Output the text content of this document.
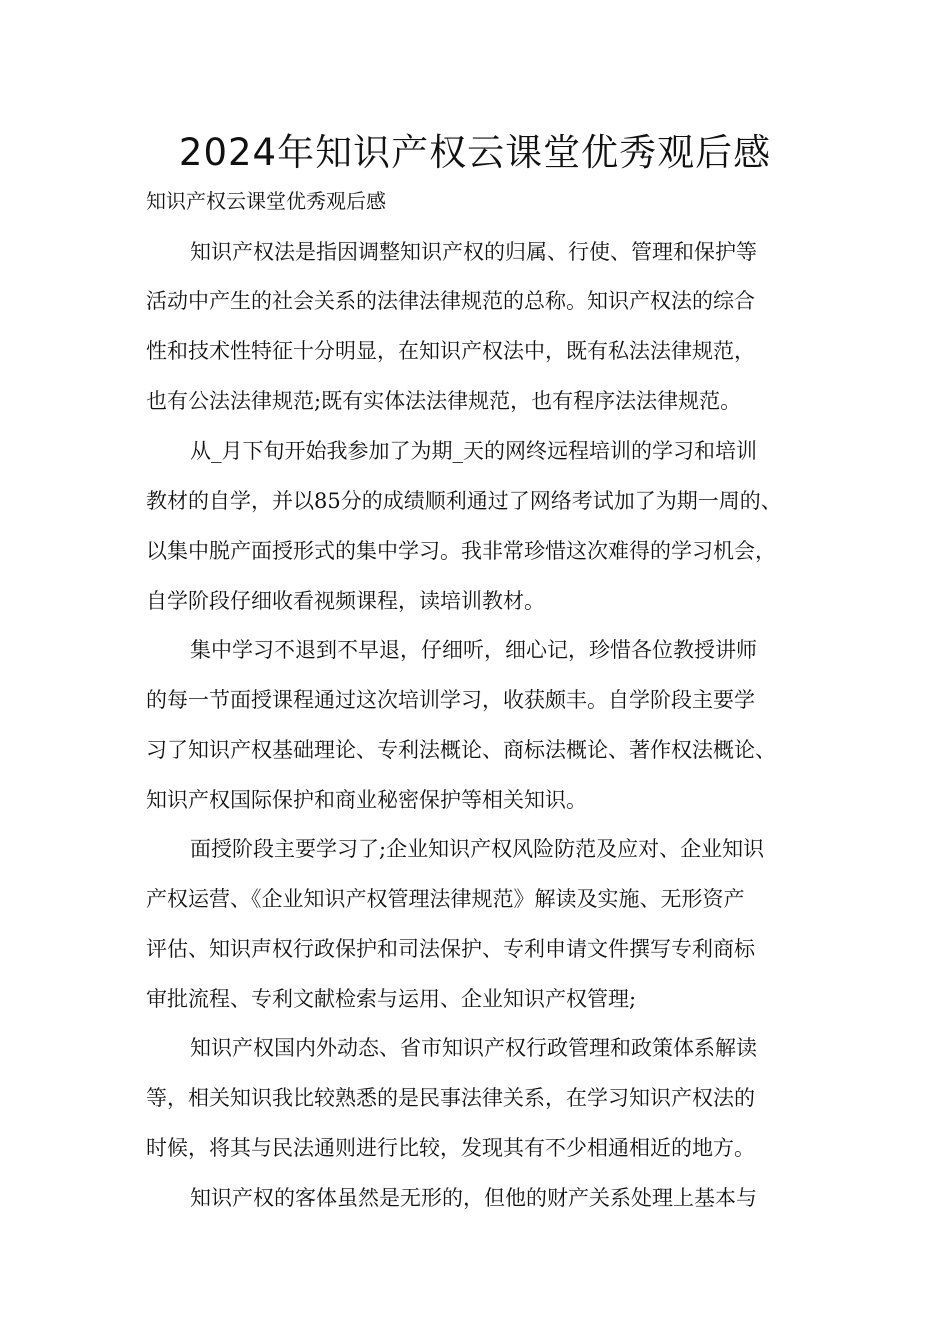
2024年知识产权云课堂优秀观后感
知识产权云课堂优秀观后感
知识产权法是指因调整知识产权的归属、行使、管理和保护等
活动中产生的社会关系的法律法律规范的总称。知识产权法的综合
性和技术性特征十分明显，在知识产权法中，既有私法法律规范，
也有公法法律规范;既有实体法法律规范，也有程序法法律规范。
从_月下旬开始我参加了为期_天的网终远程培训的学习和培训
教材的自学，并以85分的成绩顺利通过了网络考试加了为期一周的、
以集中脱产面授形式的集中学习。我非常珍惜这次难得的学习机会，
自学阶段仔细收看视频课程，读培训教材。
集中学习不退到不早退，仔细听，细心记，珍惜各位教授讲师
的每一节面授课程通过这次培训学习，收获颇丰。自学阶段主要学
习了知识产权基础理论、专利法概论、商标法概论、著作权法概论、
知识产权国际保护和商业秘密保护等相关知识。
面授阶段主要学习了;企业知识产权风险防范及应对、企业知识
产权运营、《企业知识产权管理法律规范》解读及实施、无形资产
评估、知识声权行政保护和司法保护、专利申请文件撰写专利商标
审批流程、专利文献检索与运用、企业知识产权管理;
知识产权国内外动态、省市知识产权行政管理和政策体系解读
等，相关知识我比较熟悉的是民事法律关系，在学习知识产权法的
时候，将其与民法通则进行比较，发现其有不少相通相近的地方。
知识产权的客体虽然是无形的，但他的财产关系处理上基本与
